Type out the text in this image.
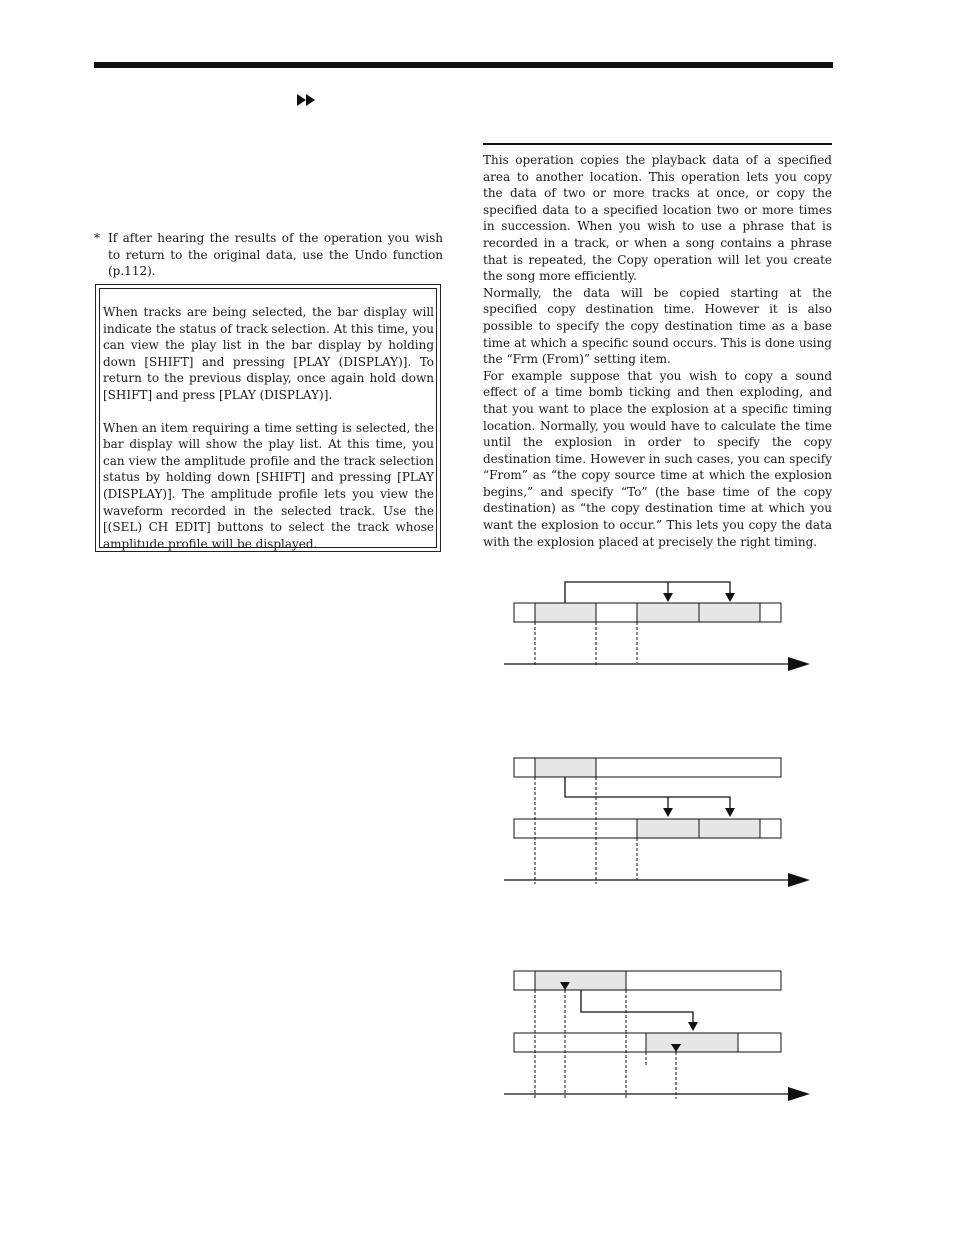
* If after hearing the results of the operation you wish to return to the original data, use the Undo function (p.112).

When tracks are being selected, the bar display will indicate the status of track selection. At this time, you can view the play list in the bar display by holding down [SHIFT] and pressing [PLAY (DISPLAY)]. To return to the previous display, once again hold down [SHIFT] and press [PLAY (DISPLAY)].

When an item requiring a time setting is selected, the bar display will show the play list. At this time, you can view the amplitude profile and the track selection status by holding down [SHIFT] and pressing [PLAY (DISPLAY)]. The amplitude profile lets you view the waveform recorded in the selected track. Use the [(SEL) CH EDIT] buttons to select the track whose amplitude profile will be displayed.

This operation copies the playback data of a specified area to another location. This operation lets you copy the data of two or more tracks at once, or copy the specified data to a specified location two or more times in succession. When you wish to use a phrase that is recorded in a track, or when a song contains a phrase that is repeated, the Copy operation will let you create the song more efficiently.

Normally, the data will be copied starting at the specified copy destination time. However it is also possible to specify the copy destination time as a base time at which a specific sound occurs. This is done using the “Frm (From)” setting item.

For example suppose that you wish to copy a sound effect of a time bomb ticking and then exploding, and that you want to place the explosion at a specific timing location. Normally, you would have to calculate the time until the explosion in order to specify the copy destination time. However in such cases, you can specify “From” as “the copy source time at which the explosion begins,” and specify “To” (the base time of the copy destination) as “the copy destination time at which you want the explosion to occur.” This lets you copy the data with the explosion placed at precisely the right timing.
